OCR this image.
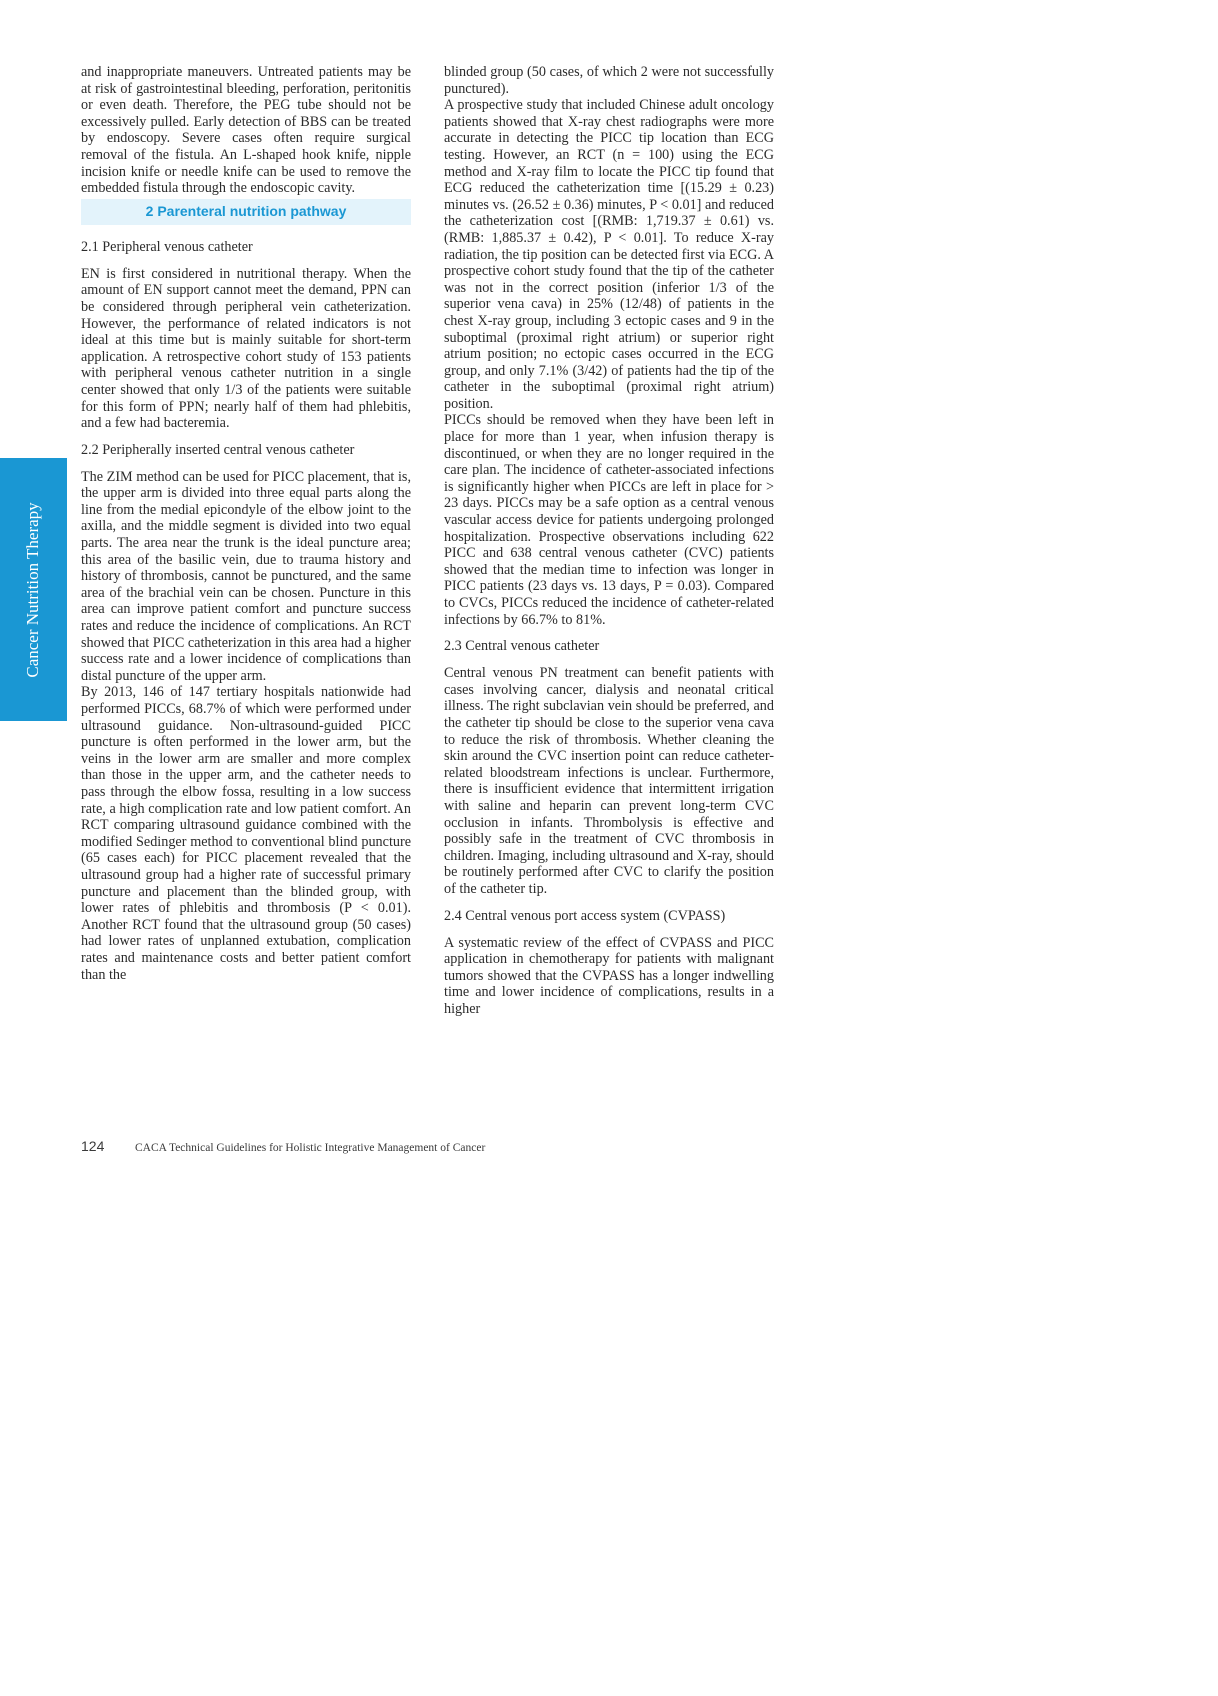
Cancer Nutrition Therapy

and inappropriate maneuvers. Untreated patients may be at risk of gastrointestinal bleeding, perforation, peritonitis or even death. Therefore, the PEG tube should not be excessively pulled. Early detection of BBS can be treated by endoscopy. Severe cases often require surgical removal of the fistula. An L-shaped hook knife, nipple incision knife or needle knife can be used to remove the embedded fistula through the endoscopic cavity.

2 Parenteral nutrition pathway
2.1 Peripheral venous catheter

EN is first considered in nutritional therapy. When the amount of EN support cannot meet the demand, PPN can be considered through peripheral vein catheterization. However, the performance of related indicators is not ideal at this time but is mainly suitable for short-term application. A retrospective cohort study of 153 patients with peripheral venous catheter nutrition in a single center showed that only 1/3 of the patients were suitable for this form of PPN; nearly half of them had phlebitis, and a few had bacteremia.

2.2 Peripherally inserted central venous catheter

The ZIM method can be used for PICC placement, that is, the upper arm is divided into three equal parts along the line from the medial epicondyle of the elbow joint to the axilla, and the middle segment is divided into two equal parts. The area near the trunk is the ideal puncture area; this area of the basilic vein, due to trauma history and history of thrombosis, cannot be punctured, and the same area of the brachial vein can be chosen. Puncture in this area can improve patient comfort and puncture success rates and reduce the incidence of complications. An RCT showed that PICC catheterization in this area had a higher success rate and a lower incidence of complications than distal puncture of the upper arm.

By 2013, 146 of 147 tertiary hospitals nationwide had performed PICCs, 68.7% of which were performed under ultrasound guidance. Non-ultrasound-guided PICC puncture is often performed in the lower arm, but the veins in the lower arm are smaller and more complex than those in the upper arm, and the catheter needs to pass through the elbow fossa, resulting in a low success rate, a high complication rate and low patient comfort. An RCT comparing ultrasound guidance combined with the modified Sedinger method to conventional blind puncture (65 cases each) for PICC placement revealed that the ultrasound group had a higher rate of successful primary puncture and placement than the blinded group, with lower rates of phlebitis and thrombosis (P < 0.01). Another RCT found that the ultrasound group (50 cases) had lower rates of unplanned extubation, complication rates and maintenance costs and better patient comfort than the

blinded group (50 cases, of which 2 were not successfully punctured).

A prospective study that included Chinese adult oncology patients showed that X-ray chest radiographs were more accurate in detecting the PICC tip location than ECG testing. However, an RCT (n = 100) using the ECG method and X-ray film to locate the PICC tip found that ECG reduced the catheterization time [(15.29 ± 0.23) minutes vs. (26.52 ± 0.36) minutes, P < 0.01] and reduced the catheterization cost [(RMB: 1,719.37 ± 0.61) vs. (RMB: 1,885.37 ± 0.42), P < 0.01]. To reduce X-ray radiation, the tip position can be detected first via ECG. A prospective cohort study found that the tip of the catheter was not in the correct position (inferior 1/3 of the superior vena cava) in 25% (12/48) of patients in the chest X-ray group, including 3 ectopic cases and 9 in the suboptimal (proximal right atrium) or superior right atrium position; no ectopic cases occurred in the ECG group, and only 7.1% (3/42) of patients had the tip of the catheter in the suboptimal (proximal right atrium) position.

PICCs should be removed when they have been left in place for more than 1 year, when infusion therapy is discontinued, or when they are no longer required in the care plan. The incidence of catheter-associated infections is significantly higher when PICCs are left in place for > 23 days. PICCs may be a safe option as a central venous vascular access device for patients undergoing prolonged hospitalization. Prospective observations including 622 PICC and 638 central venous catheter (CVC) patients showed that the median time to infection was longer in PICC patients (23 days vs. 13 days, P = 0.03). Compared to CVCs, PICCs reduced the incidence of catheter-related infections by 66.7% to 81%.

2.3 Central venous catheter

Central venous PN treatment can benefit patients with cases involving cancer, dialysis and neonatal critical illness. The right subclavian vein should be preferred, and the catheter tip should be close to the superior vena cava to reduce the risk of thrombosis. Whether cleaning the skin around the CVC insertion point can reduce catheter-related bloodstream infections is unclear. Furthermore, there is insufficient evidence that intermittent irrigation with saline and heparin can prevent long-term CVC occlusion in infants. Thrombolysis is effective and possibly safe in the treatment of CVC thrombosis in children. Imaging, including ultrasound and X-ray, should be routinely performed after CVC to clarify the position of the catheter tip.

2.4 Central venous port access system (CVPASS)

A systematic review of the effect of CVPASS and PICC application in chemotherapy for patients with malignant tumors showed that the CVPASS has a longer indwelling time and lower incidence of complications, results in a higher

124	CACA Technical Guidelines for Holistic Integrative Management of Cancer
